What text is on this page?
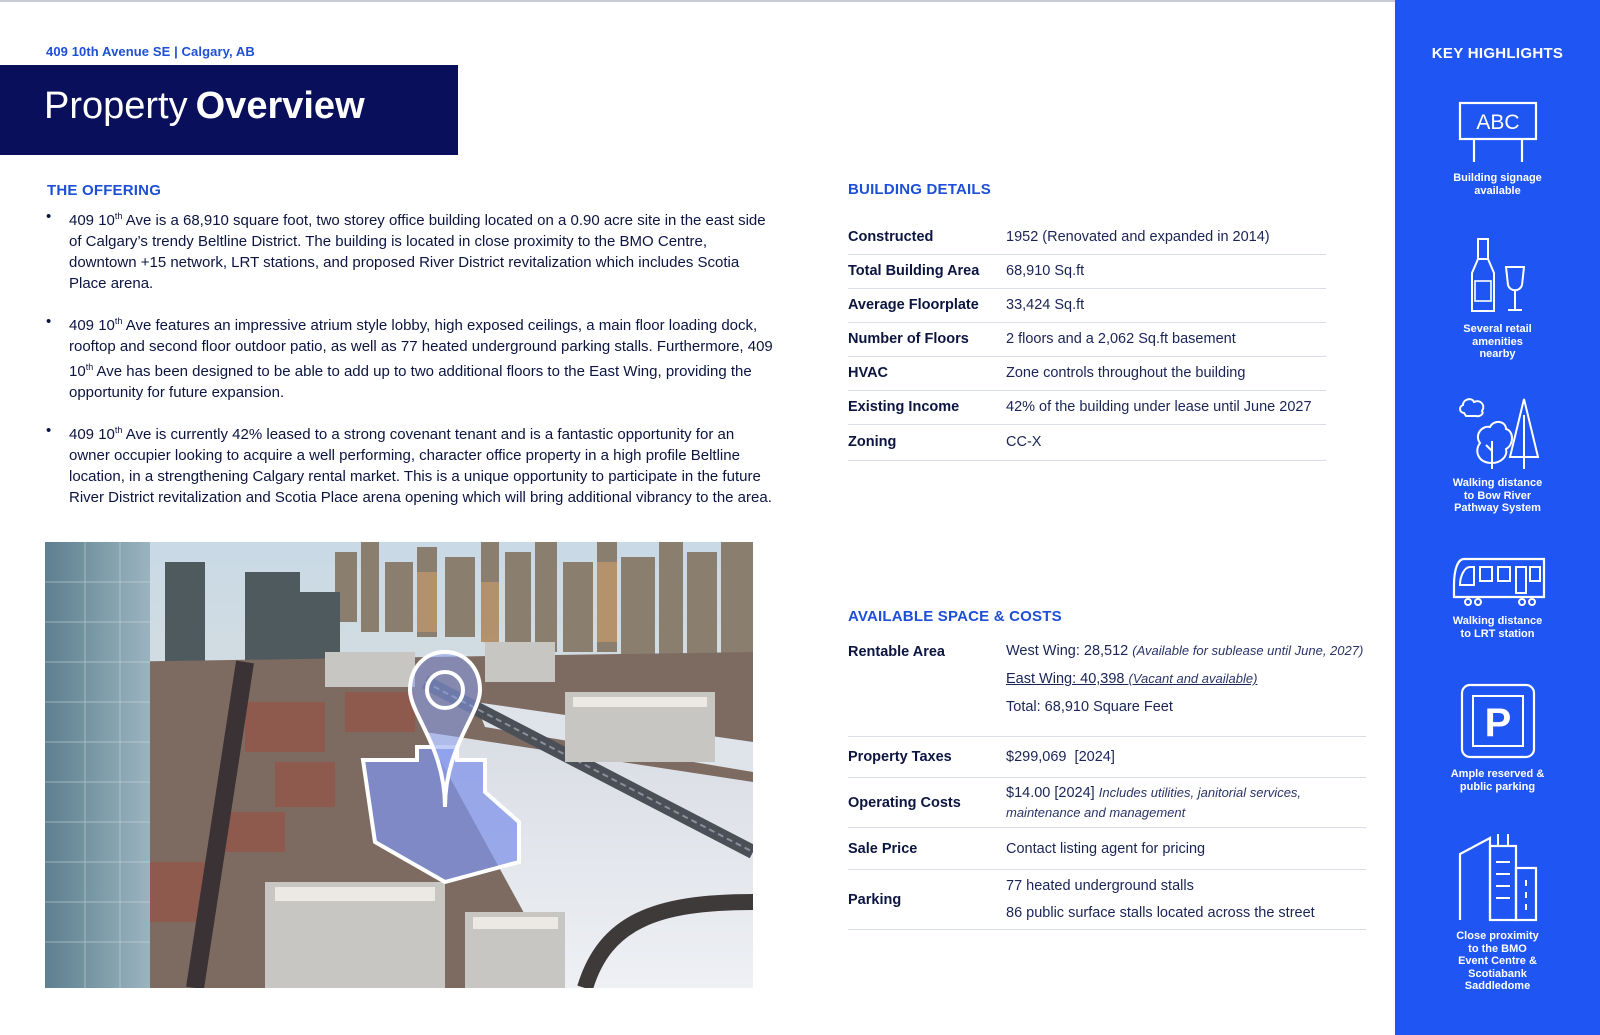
409 10th Avenue SE | Calgary, AB
Property Overview
THE OFFERING
• 409 10th Ave is a 68,910 square foot, two storey office building located on a 0.90 acre site in the east side of Calgary’s trendy Beltline District. The building is located in close proximity to the BMO Centre, downtown +15 network, LRT stations, and proposed River District revitalization which includes Scotia Place arena.
• 409 10th Ave features an impressive atrium style lobby, high exposed ceilings, a main floor loading dock, rooftop and second floor outdoor patio, as well as 77 heated underground parking stalls. Furthermore, 409 10th Ave has been designed to be able to add up to two additional floors to the East Wing, providing the opportunity for future expansion.
• 409 10th Ave is currently 42% leased to a strong covenant tenant and is a fantastic opportunity for an owner occupier looking to acquire a well performing, character office property in a high profile Beltline location, in a strengthening Calgary rental market. This is a unique opportunity to participate in the future River District revitalization and Scotia Place arena opening which will bring additional vibrancy to the area.
BUILDING DETAILS
Constructed	1952 (Renovated and expanded in 2014)
Total Building Area	68,910 Sq.ft
Average Floorplate	33,424 Sq.ft
Number of Floors	2 floors and a 2,062 Sq.ft basement
HVAC	Zone controls throughout the building
Existing Income	42% of the building under lease until June 2027
Zoning	CC-X
AVAILABLE SPACE & COSTS
Rentable Area	West Wing: 28,512 (Available for sublease until June, 2027)
East Wing: 40,398 (Vacant and available)
Total: 68,910 Square Feet

Property Taxes	$299,069  [2024]
Operating Costs	$14.00 [2024] Includes utilities, janitorial services, maintenance and management
Sale Price	Contact listing agent for pricing
Parking	77 heated underground stalls
86 public surface stalls located across the street
KEY HIGHLIGHTS
ABC
Building signage available
Several retail amenities nearby
Walking distance to Bow River Pathway System
Walking distance to LRT station
P
Ample reserved & public parking
Close proximity to the BMO Event Centre & Scotiabank Saddledome
